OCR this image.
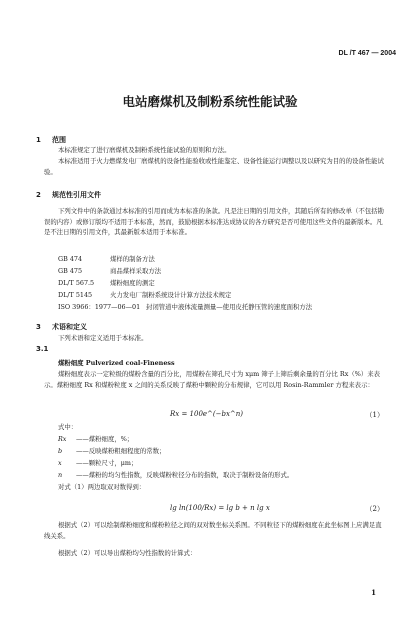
DL /T 467 — 2004
电站磨煤机及制粉系统性能试验
1 范围
本标准规定了进行磨煤机及制粉系统性能试验的原则和方法。
本标准适用于火力燃煤发电厂磨煤机的设备性能验收或性能鉴定、设备性能运行调整以及以研究为目的的设备性能试验。
2 规范性引用文件
下列文件中的条款通过本标准的引用而成为本标准的条款。凡是注日期的引用文件，其随后所有的修改单（不包括勘误的内容）或修订版均不适用于本标准，然而，鼓励根据本标准达成协议的各方研究是否可使用这些文件的最新版本。凡是不注日期的引用文件，其最新版本适用于本标准。
GB 474	煤样的制备方法
GB 475	商品煤样采取方法
DL/T 567.5 煤粉细度的测定
DL/T 5145	火力发电厂制粉系统设计计算方法技术规定
ISO 3966：1977—06—01 封闭管道中液体流量测量—使用皮托静压管的速度面积方法
3 术语和定义
下列术语和定义适用于本标准。
3.1
煤粉细度 Pulverized coal-Fineness
煤粉细度表示一定粒级的煤粉含量的百分比，用煤粉在筛孔尺寸为 xμm 筛子上筛后剩余量的百分比 Rx（%）来表示。煤粉细度 Rx 和煤粉粒度 x 之间的关系反映了煤粉中颗粒的分布规律，它可以用 Rosin-Rammler 方程来表示：
Rx = 100e^(−bx^n)	（1）
式中：
Rx ——煤粉细度，%；
b ——反映煤粉粗细程度的常数；
x ——颗粒尺寸，μm；
n ——煤粉的均匀性指数，反映煤粉粒径分布的指数，取决于制粉设备的形式。
对式（1）两边取双对数得到：
lg ln(100/Rx) = lg b + n lg x	（2）
根据式（2）可以绘制煤粉细度和煤粉粒径之间的双对数坐标关系图。不同粒径下的煤粉细度在此坐标图上应满足直线关系。
根据式（2）可以导出煤粉均匀性指数的计算式：
1
